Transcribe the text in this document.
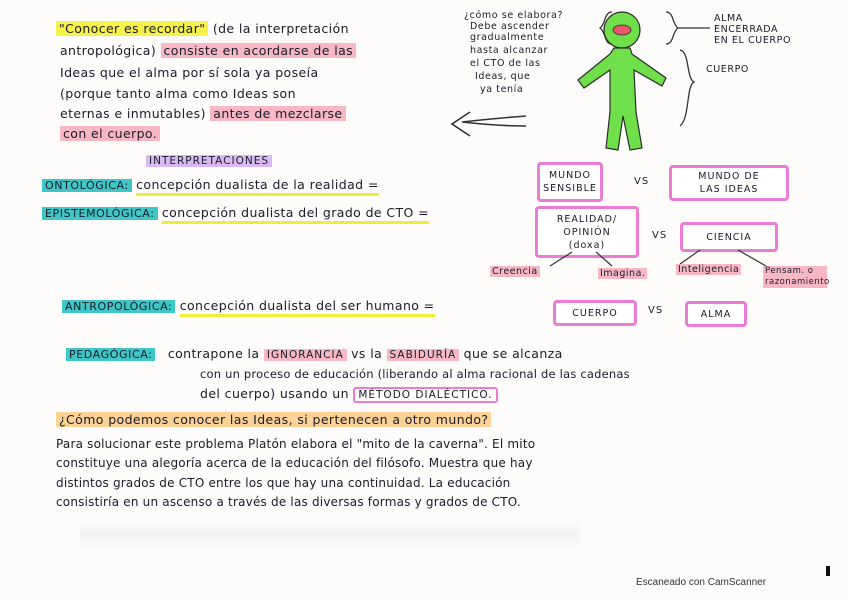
"Conocer es recordar" (de la interpretación
antropológica) consiste en acordarse de las
Ideas que el alma por sí sola ya poseía
(porque tanto alma como Ideas son
eternas e inmutables) antes de mezclarse
con el cuerpo.
¿cómo se elabora?
Debe ascender
gradualmente
hasta alcanzar
el CTO de las
Ideas, que
ya tenía
ALMA
ENCERRADA
EN EL CUERPO
CUERPO
INTERPRETACIONES
ONTOLÓGICA: concepción dualista de la realidad =
MUNDO
SENSIBLE
VS	MUNDO DE
LAS IDEAS
EPISTEMOLÓGICA: concepción dualista del grado de CTO =	REALIDAD/
OPINIÓN
(doxa)
VS	CIENCIA
Creencia	Imagina.	Inteligencia	Pensam. o razonamiento
ANTROPOLÓGICA: concepción dualista del ser humano =	CUERPO	VS	ALMA
PEDAGÓGICA: contrapone la IGNORANCIA vs la SABIDURÍA que se alcanza
con un proceso de educación (liberando al alma racional de las cadenas
del cuerpo) usando un MÉTODO DIALÉCTICO.
¿Cómo podemos conocer las Ideas, si pertenecen a otro mundo?
Para solucionar este problema Platón elabora el "mito de la caverna". El mito
constituye una alegoría acerca de la educación del filósofo. Muestra que hay
distintos grados de CTO entre los que hay una continuidad. La educación
consistiría en un ascenso a través de las diversas formas y grados de CTO.
Escaneado con CamScanner
